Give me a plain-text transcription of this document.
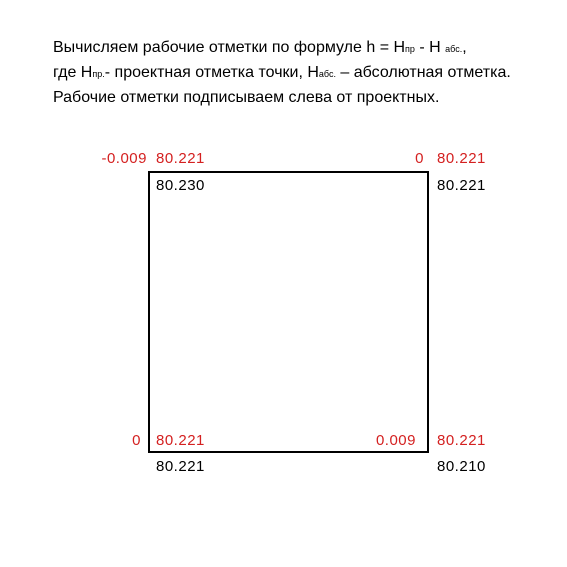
Вычисляем рабочие отметки по формуле h = Hпр - H абс.,
где Hпр.- проектная отметка точки, Hабс. – абсолютная отметка. Рабочие отметки подписываем слева от проектных.
-0.009 80.221
80.230
0 80.221
80.221
0 80.221
80.221
0.009 80.221
80.210
